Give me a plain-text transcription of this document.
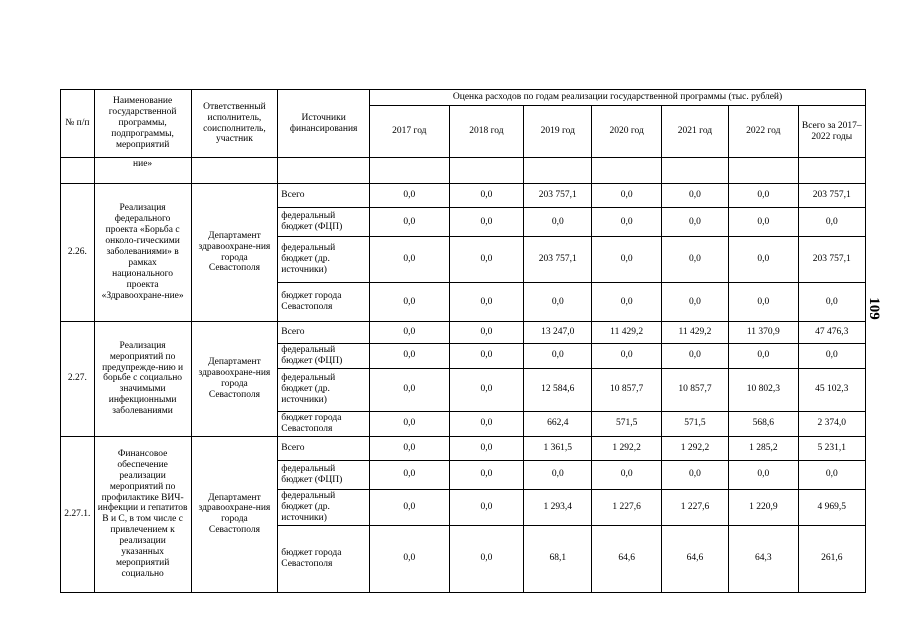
109
№ п/п	Наименование государственной программы, подпрограммы, мероприятий	Ответственный исполнитель, соисполнитель, участник	Источники финансирования	Оценка расходов по годам реализации государственной программы (тыс. рублей)						
				2017 год	2018 год	2019 год	2020 год	2021 год	2022 год	Всего за 2017–2022 годы
	ние»									
2.26.	Реализация федерального проекта «Борьба с онколо-гическими заболеваниями» в рамках национального проекта «Здравоохране-ние»	Департамент здравоохране-ния города Севастополя	Всего	0,0	0,0	203 757,1	0,0	0,0	0,0	203 757,1
			федеральный бюджет (ФЦП)	0,0	0,0	0,0	0,0	0,0	0,0	0,0
			федеральный бюджет (др. источники)	0,0	0,0	203 757,1	0,0	0,0	0,0	203 757,1
			бюджет города Севастополя	0,0	0,0	0,0	0,0	0,0	0,0	0,0
2.27.	Реализация мероприятий по предупрежде-нию и борьбе с социально значимыми инфекционными заболеваниями	Департамент здравоохране-ния города Севастополя	Всего	0,0	0,0	13 247,0	11 429,2	11 429,2	11 370,9	47 476,3
			федеральный бюджет (ФЦП)	0,0	0,0	0,0	0,0	0,0	0,0	0,0
			федеральный бюджет (др. источники)	0,0	0,0	12 584,6	10 857,7	10 857,7	10 802,3	45 102,3
			бюджет города Севастополя	0,0	0,0	662,4	571,5	571,5	568,6	2 374,0
2.27.1.	Финансовое обеспечение реализации мероприятий по профилактике ВИЧ-инфекции и гепатитов B и C, в том числе с привлечением к реализации указанных мероприятий социально	Департамент здравоохране-ния города Севастополя	Всего	0,0	0,0	1 361,5	1 292,2	1 292,2	1 285,2	5 231,1
			федеральный бюджет (ФЦП)	0,0	0,0	0,0	0,0	0,0	0,0	0,0
			федеральный бюджет (др. источники)	0,0	0,0	1 293,4	1 227,6	1 227,6	1 220,9	4 969,5
			бюджет города Севастополя	0,0	0,0	68,1	64,6	64,6	64,3	261,6
